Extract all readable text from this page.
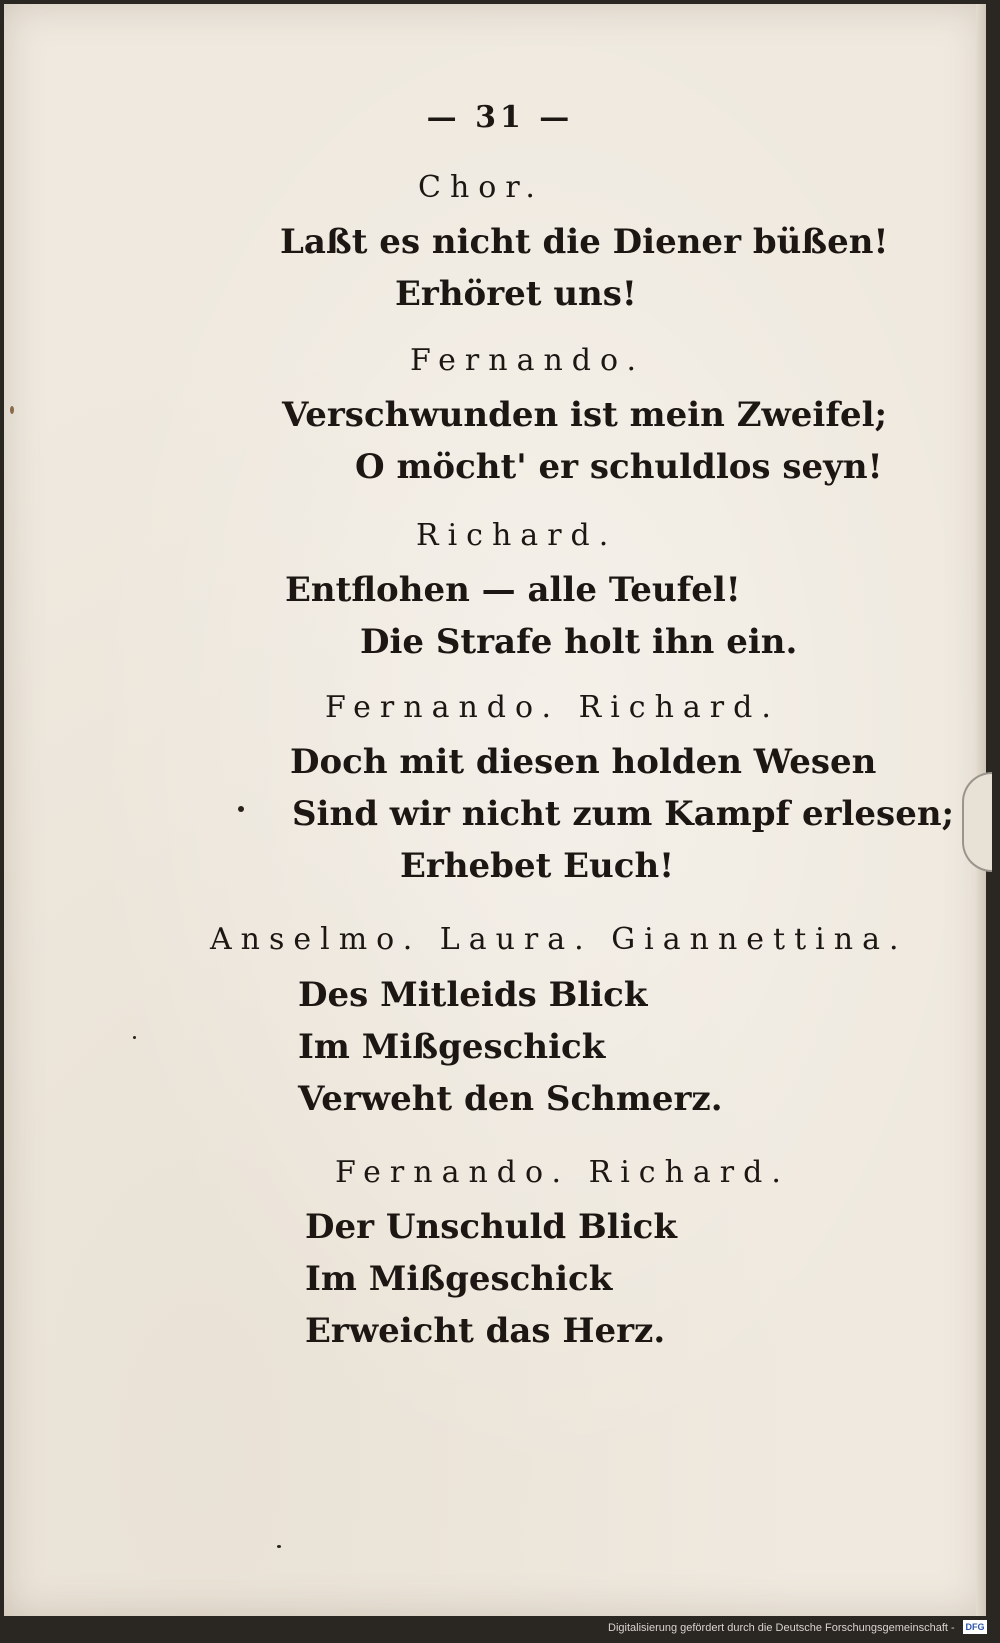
— 31 —
Chor.
Laßt es nicht die Diener büßen!
Erhöret uns!
Fernando.
Verschwunden ist mein Zweifel;
O möcht' er schuldlos seyn!
Richard.
Entflohen — alle Teufel!
Die Strafe holt ihn ein.
Fernando. Richard.
Doch mit diesen holden Wesen
Sind wir nicht zum Kampf erlesen;
Erhebet Euch!
Anselmo. Laura. Giannettina.
Des Mitleids Blick
Im Mißgeschick
Verweht den Schmerz.
Fernando. Richard.
Der Unschuld Blick
Im Mißgeschick
Erweicht das Herz.
Digitalisierung gefördert durch die Deutsche Forschungsgemeinschaft - DFG
